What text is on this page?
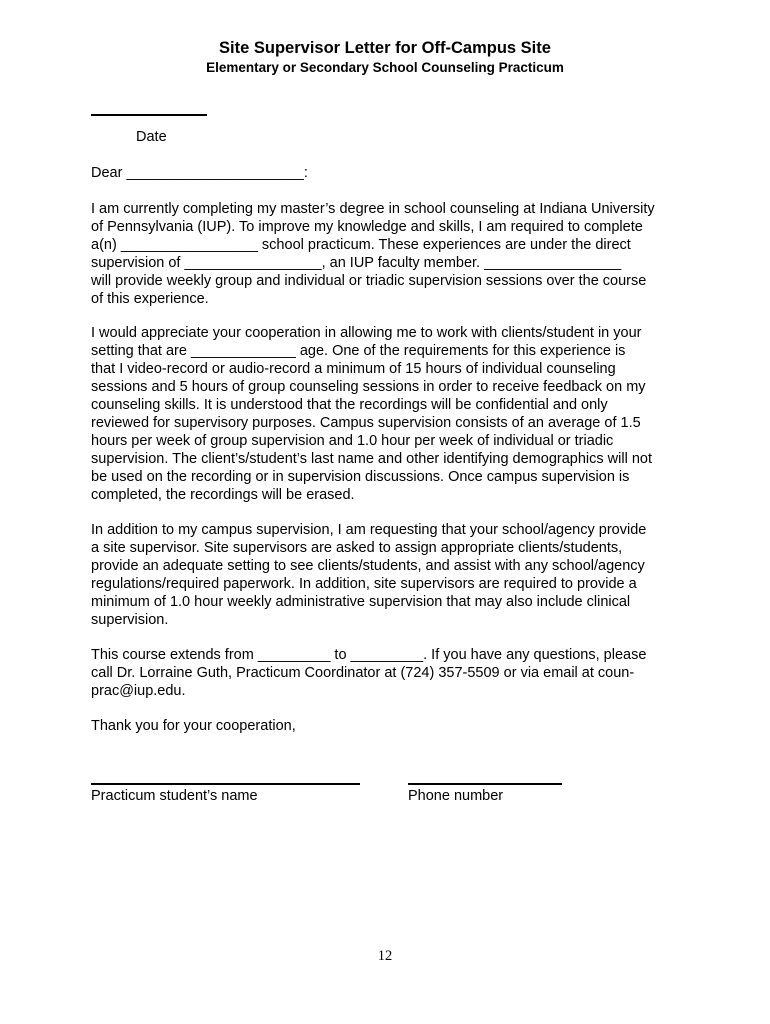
Site Supervisor Letter for Off-Campus Site
Elementary or Secondary School Counseling Practicum
Date
Dear ______________________:
I am currently completing my master’s degree in school counseling at Indiana University
of Pennsylvania (IUP). To improve my knowledge and skills, I am required to complete
a(n) _________________ school practicum. These experiences are under the direct
supervision of _________________, an IUP faculty member. _________________
will provide weekly group and individual or triadic supervision sessions over the course
of this experience.
I would appreciate your cooperation in allowing me to work with clients/student in your
setting that are _____________ age. One of the requirements for this experience is
that I video-record or audio-record a minimum of 15 hours of individual counseling
sessions and 5 hours of group counseling sessions in order to receive feedback on my
counseling skills. It is understood that the recordings will be confidential and only
reviewed for supervisory purposes. Campus supervision consists of an average of 1.5
hours per week of group supervision and 1.0 hour per week of individual or triadic
supervision. The client’s/student’s last name and other identifying demographics will not
be used on the recording or in supervision discussions. Once campus supervision is
completed, the recordings will be erased.
In addition to my campus supervision, I am requesting that your school/agency provide
a site supervisor. Site supervisors are asked to assign appropriate clients/students,
provide an adequate setting to see clients/students, and assist with any school/agency
regulations/required paperwork. In addition, site supervisors are required to provide a
minimum of 1.0 hour weekly administrative supervision that may also include clinical
supervision.
This course extends from _________ to _________. If you have any questions, please
call Dr. Lorraine Guth, Practicum Coordinator at (724) 357-5509 or via email at coun-
prac@iup.edu.
Thank you for your cooperation,
Practicum student’s name	Phone number
12
